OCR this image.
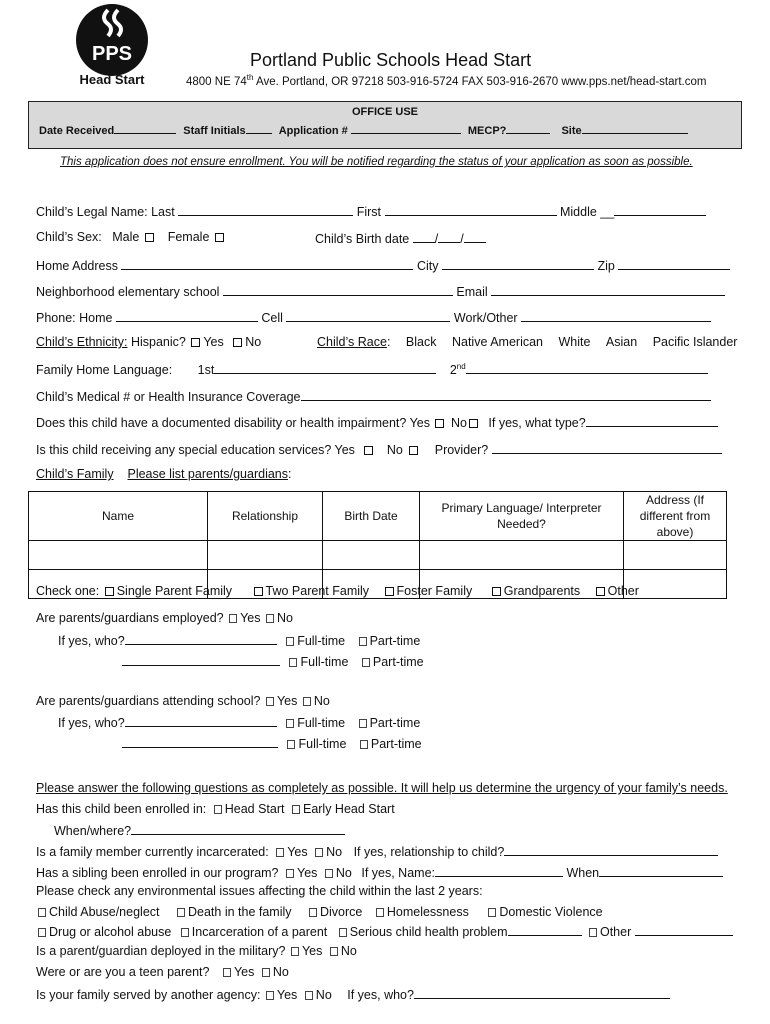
PPS
Head Start
Portland Public Schools Head Start
4800 NE 74th Ave. Portland, OR 97218 503-916-5724 FAX 503-916-2670 www.pps.net/head-start.com
OFFICE USE
Date Received	Staff Initials	Application #	MECP?	Site
This application does not ensure enrollment. You will be notified regarding the status of your application as soon as possible.
Child’s Legal Name: Last	First	Middle __
Child’s Sex: Male Female	Child’s Birth date / /
Home Address	City	Zip
Neighborhood elementary school	Email
Phone: Home	Cell	Work/Other
Child’s Ethnicity: Hispanic? Yes No	Child’s Race: Black Native American White Asian Pacific Islander
Family Home Language: 1st	2nd
Child’s Medical # or Health Insurance Coverage
Does this child have a documented disability or health impairment? Yes No If yes, what type?
Is this child receiving any special education services? Yes	No	Provider?
Child’s Family Please list parents/guardians:
Name	Relationship	Birth Date	Primary Language/ Interpreter Needed?	Address (If different from above)

Check one: Single Parent Family	Two Parent Family Foster Family	Grandparents Other
Are parents/guardians employed? Yes No
If yes, who?	Full-time Part-time
Full-time Part-time
Are parents/guardians attending school? Yes No
If yes, who?	Full-time Part-time
Full-time Part-time
Please answer the following questions as completely as possible. It will help us determine the urgency of your family’s needs.
Has this child been enrolled in: Head Start Early Head Start
When/where?
Is a family member currently incarcerated: Yes No If yes, relationship to child?
Has a sibling been enrolled in our program? Yes No If yes, Name:	When
Please check any environmental issues affecting the child within the last 2 years:
Child Abuse/neglect Death in the family Divorce Homelessness Domestic Violence
Drug or alcohol abuse Incarceration of a parent Serious child health problem	Other
Is a parent/guardian deployed in the military? Yes No
Were or are you a teen parent? Yes No
Is your family served by another agency: Yes No If yes, who?
